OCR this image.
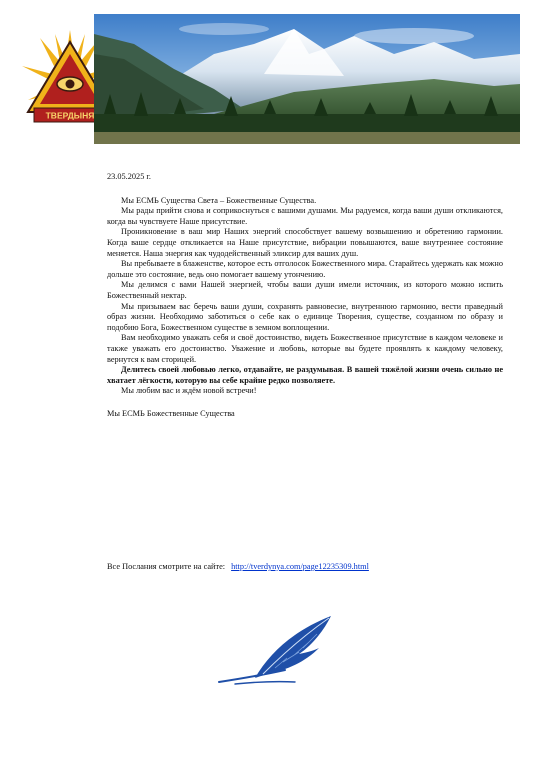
ТВЕРДЫНЯ

23.05.2025 г.

Мы ЕСМЬ Существа Света – Божественные Существа.

Мы рады прийти снова и соприкоснуться с вашими душами. Мы радуемся, когда ваши души откликаются, когда вы чувствуете Наше присутствие.

Проникновение в ваш мир Наших энергий способствует вашему возвышению и обретению гармонии. Когда ваше сердце откликается на Наше присутствие, вибрации повышаются, ваше внутреннее состояние меняется. Наша энергия как чудодейственный эликсир для ваших душ.

Вы пребываете в блаженстве, которое есть отголосок Божественного мира. Старайтесь удержать как можно дольше это состояние, ведь оно помогает вашему утончению.

Мы делимся с вами Нашей энергией, чтобы ваши души имели источник, из которого можно испить Божественный нектар.

Мы призываем вас беречь ваши души, сохранять равновесие, внутреннюю гармонию, вести праведный образ жизни. Необходимо заботиться о себе как о единице Творения, существе, созданном по образу и подобию Бога, Божественном существе в земном воплощении.

Вам необходимо уважать себя и своё достоинство, видеть Божественное присутствие в каждом человеке и также уважать его достоинство. Уважение и любовь, которые вы будете проявлять к каждому человеку, вернутся к вам сторицей.

Делитесь своей любовью легко, отдавайте, не раздумывая. В вашей тяжёлой жизни очень сильно не хватает лёгкости, которую вы себе крайне редко позволяете.

Мы любим вас и ждём новой встречи!

Мы ЕСМЬ Божественные Существа

Все Послания смотрите на сайте: http://tverdynya.com/page12235309.html
